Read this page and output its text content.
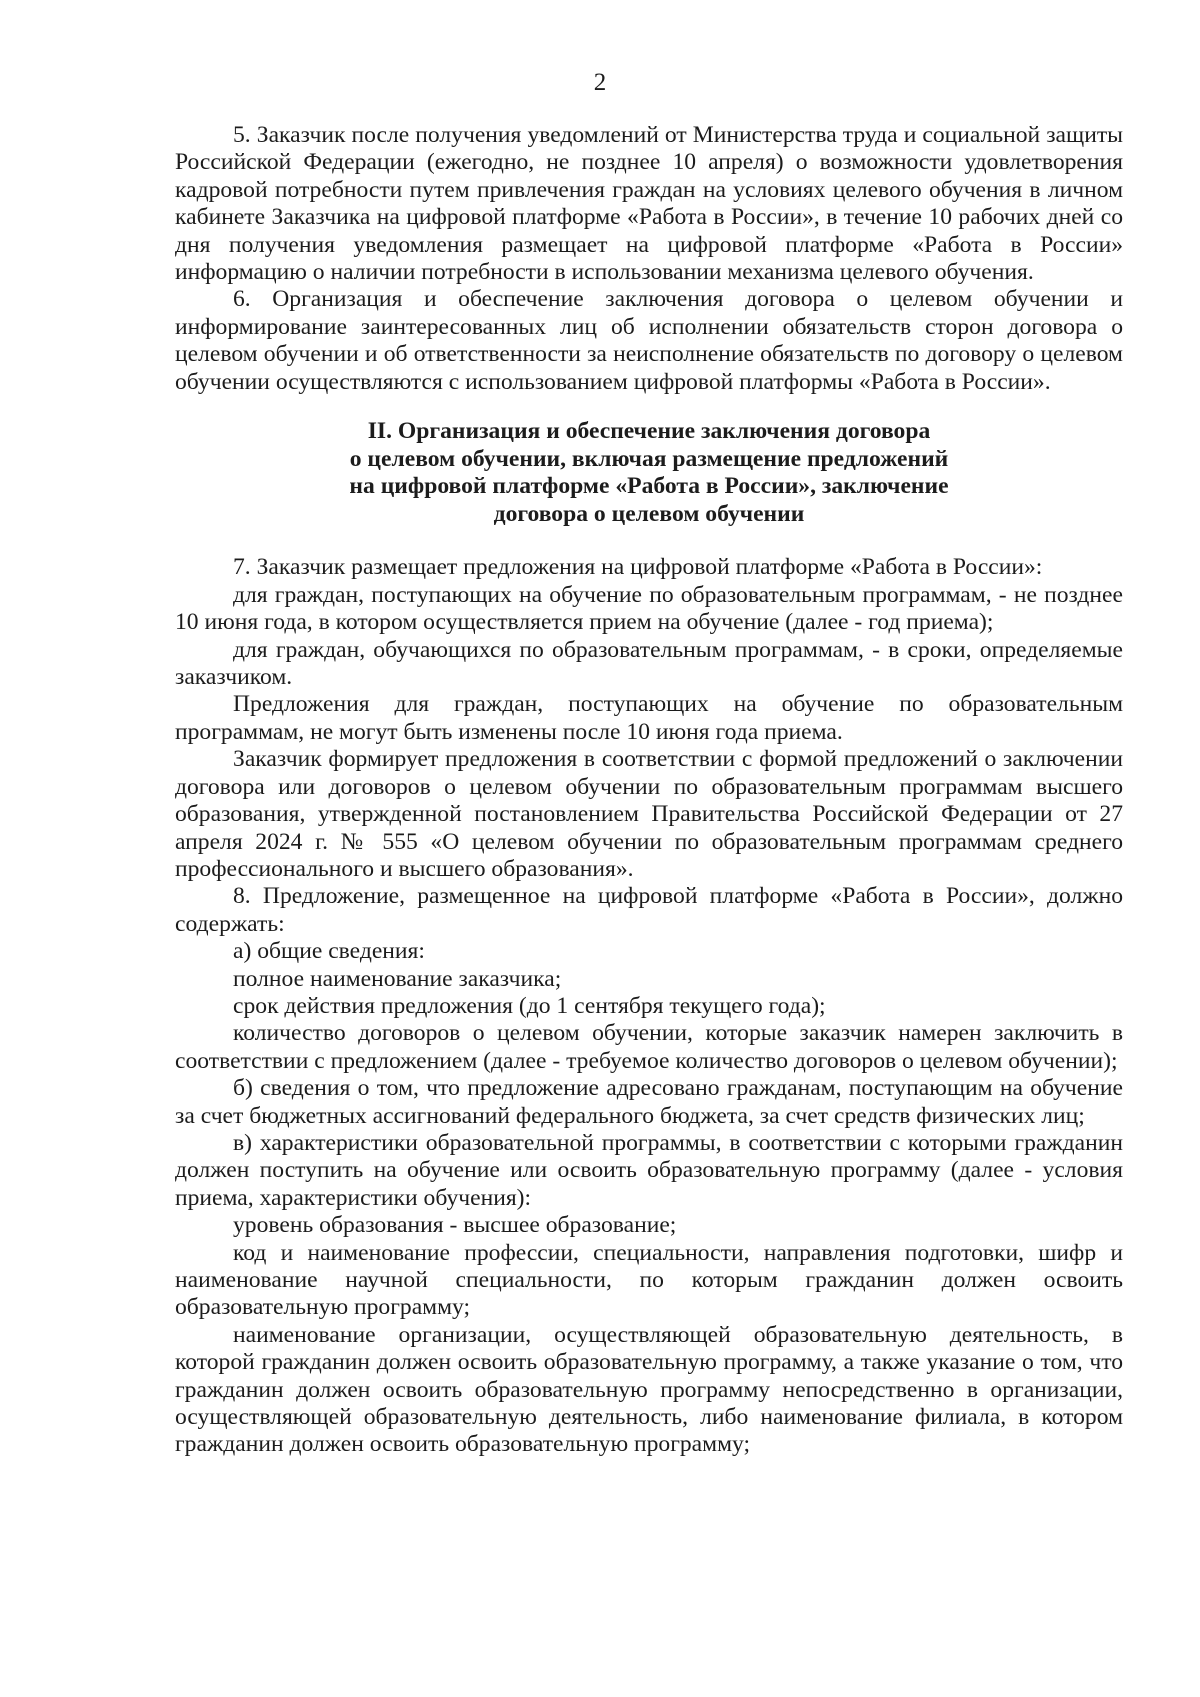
2

5. Заказчик после получения уведомлений от Министерства труда и социальной защиты Российской Федерации (ежегодно, не позднее 10 апреля) о возможности удовлетворения кадровой потребности путем привлечения граждан на условиях целевого обучения в личном кабинете Заказчика на цифровой платформе «Работа в России», в течение 10 рабочих дней со дня получения уведомления размещает на цифровой платформе «Работа в России» информацию о наличии потребности в использовании механизма целевого обучения.

6. Организация и обеспечение заключения договора о целевом обучении и информирование заинтересованных лиц об исполнении обязательств сторон договора о целевом обучении и об ответственности за неисполнение обязательств по договору о целевом обучении осуществляются с использованием цифровой платформы «Работа в России».

II. Организация и обеспечение заключения договора
о целевом обучении, включая размещение предложений
на цифровой платформе «Работа в России», заключение
договора о целевом обучении

7. Заказчик размещает предложения на цифровой платформе «Работа в России»:

для граждан, поступающих на обучение по образовательным программам, - не позднее 10 июня года, в котором осуществляется прием на обучение (далее - год приема);

для граждан, обучающихся по образовательным программам, - в сроки, определяемые заказчиком.

Предложения для граждан, поступающих на обучение по образовательным программам, не могут быть изменены после 10 июня года приема.

Заказчик формирует предложения в соответствии с формой предложений о заключении договора или договоров о целевом обучении по образовательным программам высшего образования, утвержденной постановлением Правительства Российской Федерации от 27 апреля 2024 г. № 555 «О целевом обучении по образовательным программам среднего профессионального и высшего образования».

8. Предложение, размещенное на цифровой платформе «Работа в России», должно содержать:

а) общие сведения:

полное наименование заказчика;

срок действия предложения (до 1 сентября текущего года);

количество договоров о целевом обучении, которые заказчик намерен заключить в соответствии с предложением (далее - требуемое количество договоров о целевом обучении);

б) сведения о том, что предложение адресовано гражданам, поступающим на обучение за счет бюджетных ассигнований федерального бюджета, за счет средств физических лиц;

в) характеристики образовательной программы, в соответствии с которыми гражданин должен поступить на обучение или освоить образовательную программу (далее - условия приема, характеристики обучения):

уровень образования - высшее образование;

код и наименование профессии, специальности, направления подготовки, шифр и наименование научной специальности, по которым гражданин должен освоить образовательную программу;

наименование организации, осуществляющей образовательную деятельность, в которой гражданин должен освоить образовательную программу, а также указание о том, что гражданин должен освоить образовательную программу непосредственно в организации, осуществляющей образовательную деятельность, либо наименование филиала, в котором гражданин должен освоить образовательную программу;
